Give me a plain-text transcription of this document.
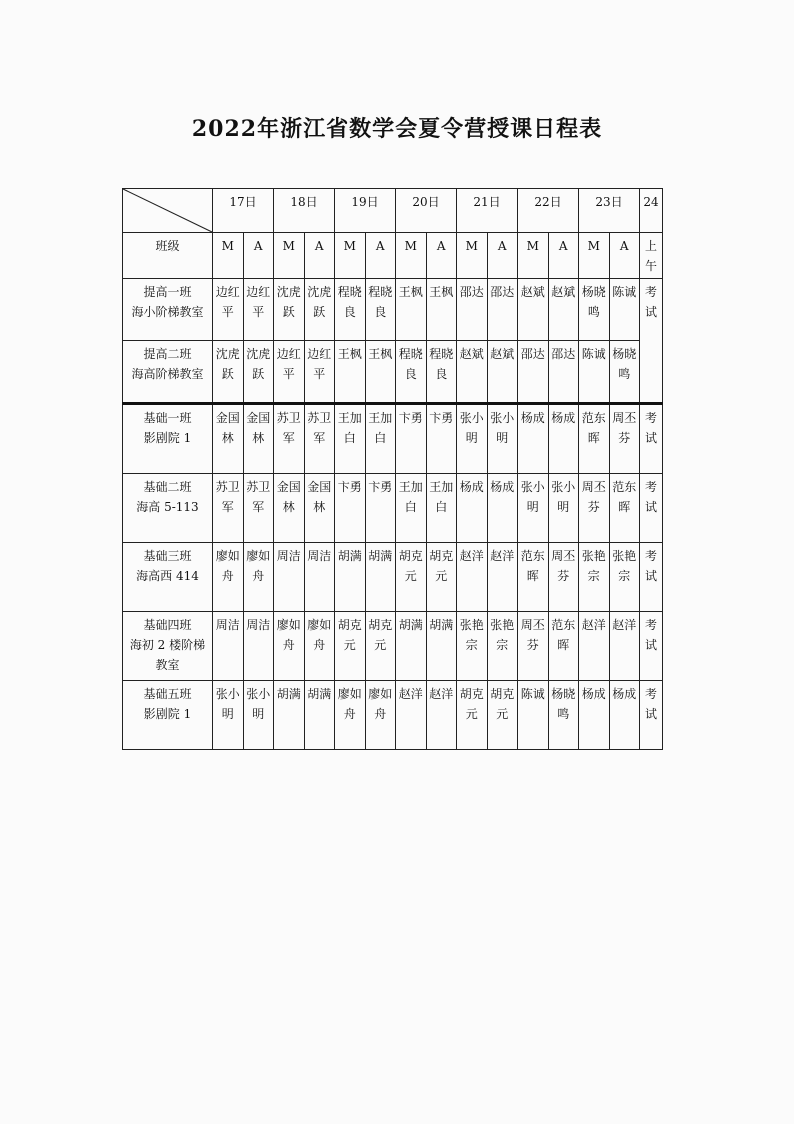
2022年浙江省数学会夏令营授课日程表
	17日		18日		19日		20日		21日		22日		23日		24
班级	M	A	M	A	M	A	M	A	M	A	M	A	M	A	上午

提高一班
海小阶梯教室	边红平	边红平	沈虎跃	沈虎跃	程晓良	程晓良	王枫	王枫	邵达	邵达	赵斌	赵斌	杨晓鸣	陈诚	考试

提高二班
海高阶梯教室	沈虎跃	沈虎跃	边红平	边红平	王枫	王枫	程晓良	程晓良	赵斌	赵斌	邵达	邵达	陈诚	杨晓鸣	

基础一班
影剧院 1	金国林	金国林	苏卫军	苏卫军	王加白	王加白	卞勇	卞勇	张小明	张小明	杨成	杨成	范东晖	周丕芬	考试

基础二班
海高 5-113	苏卫军	苏卫军	金国林	金国林	卞勇	卞勇	王加白	王加白	杨成	杨成	张小明	张小明	周丕芬	范东晖	考试

基础三班
海高西 414	廖如舟	廖如舟	周洁	周洁	胡满	胡满	胡克元	胡克元	赵洋	赵洋	范东晖	周丕芬	张艳宗	张艳宗	考试

基础四班
海初 2 楼阶梯教室	周洁	周洁	廖如舟	廖如舟	胡克元	胡克元	胡满	胡满	张艳宗	张艳宗	周丕芬	范东晖	赵洋	赵洋	考试

基础五班
影剧院 1	张小明	张小明	胡满	胡满	廖如舟	廖如舟	赵洋	赵洋	胡克元	胡克元	陈诚	杨晓鸣	杨成	杨成	考试
